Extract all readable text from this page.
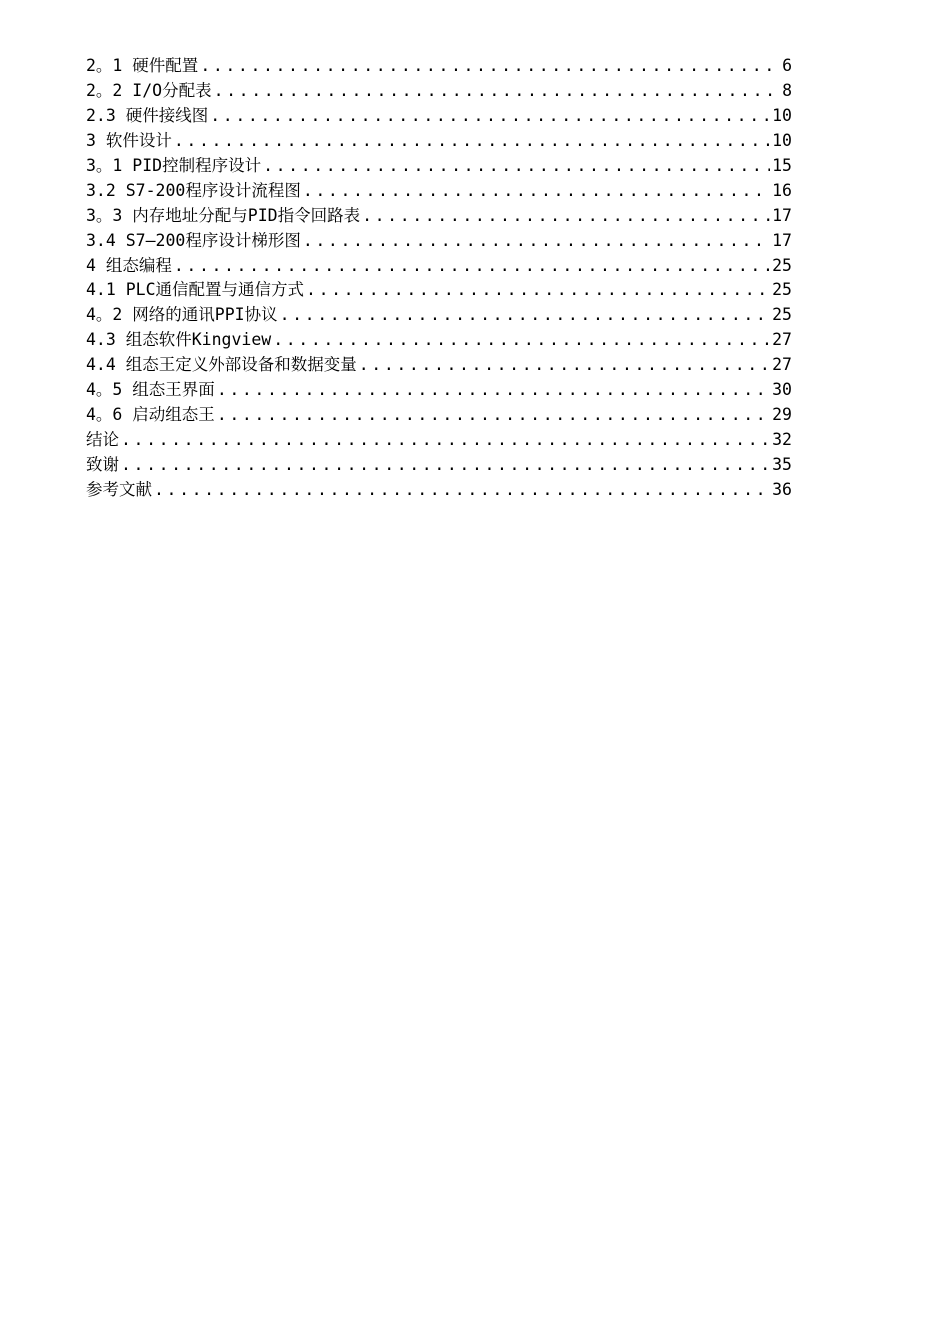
2。1 硬件配置 .....	6
2。2 I/O分配表 .....	8
2.3 硬件接线图 .....	10
3 软件设计 .....	10
3。1 PID控制程序设计 .....	15
3.2 S7-200程序设计流程图 .....	16
3。3 内存地址分配与PID指令回路表 .....	17
3.4 S7—200程序设计梯形图 .....	17
4 组态编程 .....	25
4.1 PLC通信配置与通信方式 .....	25
4。2 网络的通讯PPI协议 .....	25
4.3 组态软件Kingview .....	27
4.4 组态王定义外部设备和数据变量 .....	27
4。5 组态王界面 .....	30
4。6 启动组态王 .....	29
结论 .....	32
致谢 .....	35
参考文献 .....	36
